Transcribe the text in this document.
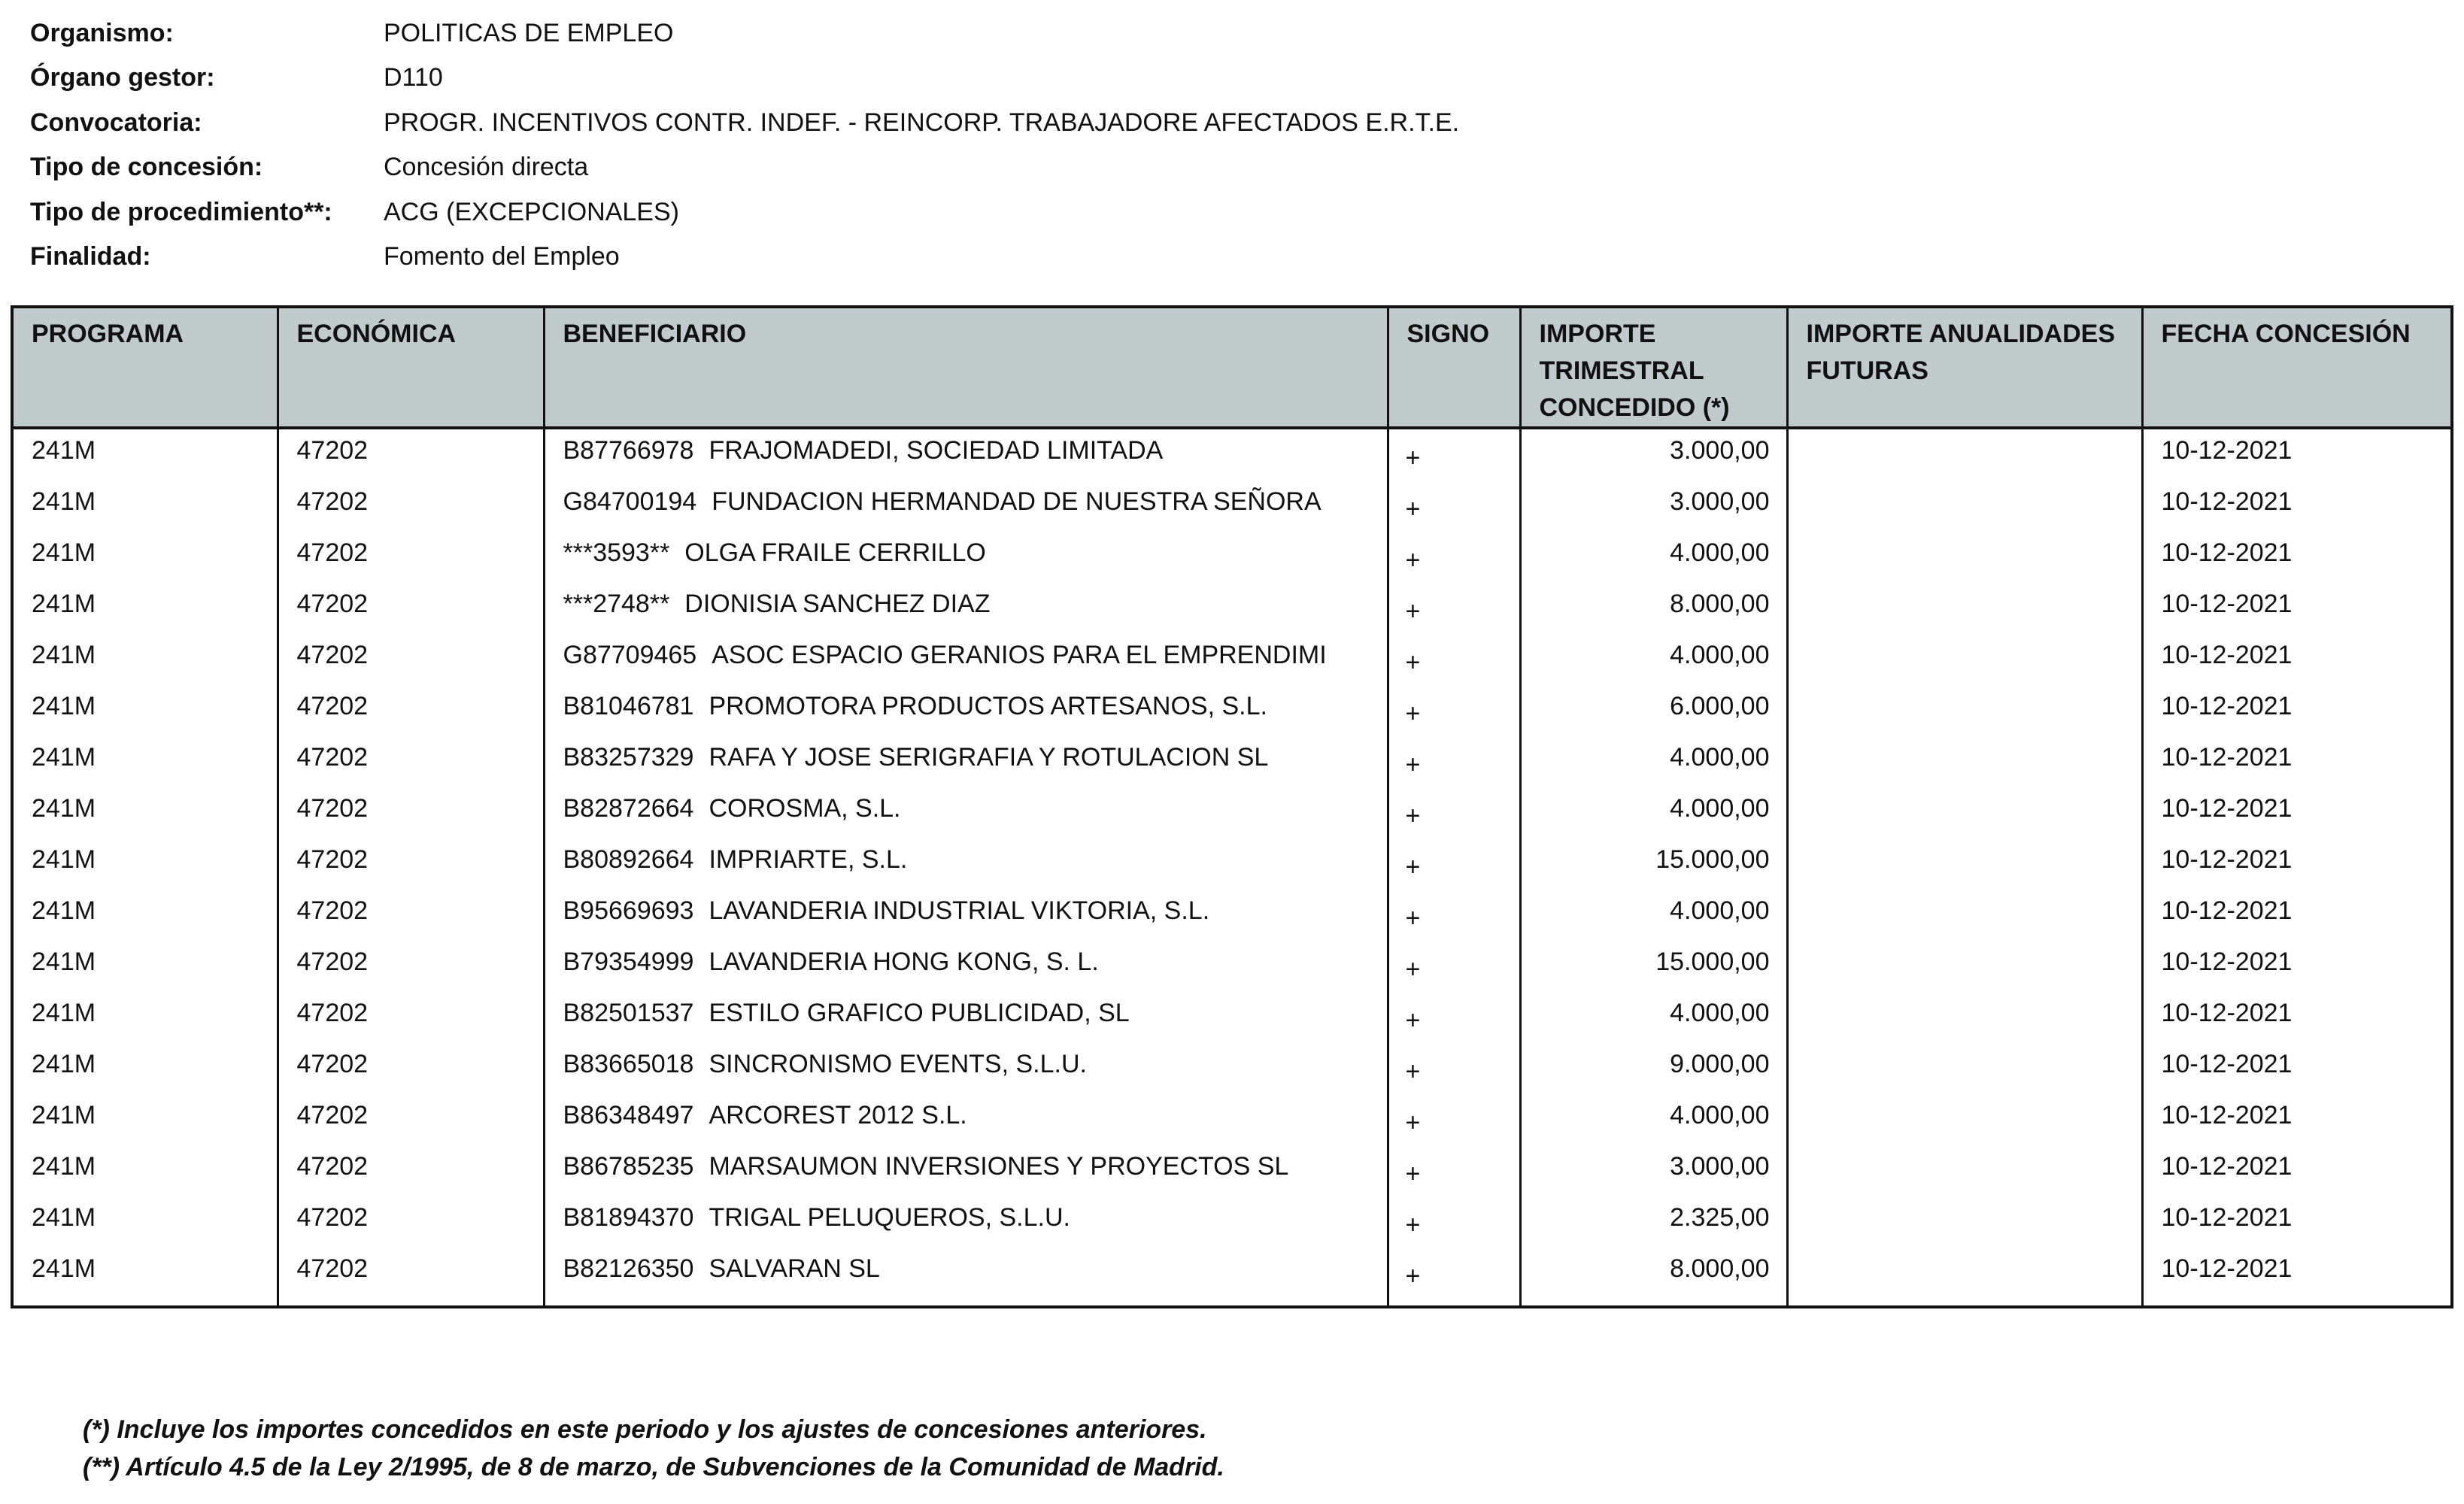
Organismo:	POLITICAS DE EMPLEO
Órgano gestor:	D110
Convocatoria:	PROGR. INCENTIVOS CONTR. INDEF. - REINCORP. TRABAJADORE AFECTADOS E.R.T.E.
Tipo de concesión:	Concesión directa
Tipo de procedimiento**:	ACG (EXCEPCIONALES)
Finalidad:	Fomento del Empleo
PROGRAMA	ECONÓMICA	BENEFICIARIO	SIGNO	IMPORTE TRIMESTRAL CONCEDIDO (*)	IMPORTE ANUALIDADES FUTURAS	FECHA CONCESIÓN
241M	47202	B87766978 FRAJOMADEDI, SOCIEDAD LIMITADA	+	3.000,00		10-12-2021
241M	47202	G84700194 FUNDACION HERMANDAD DE NUESTRA SEÑORA	+	3.000,00		10-12-2021
241M	47202	***3593** OLGA FRAILE CERRILLO	+	4.000,00		10-12-2021
241M	47202	***2748** DIONISIA SANCHEZ DIAZ	+	8.000,00		10-12-2021
241M	47202	G87709465 ASOC ESPACIO GERANIOS PARA EL EMPRENDIMI	+	4.000,00		10-12-2021
241M	47202	B81046781 PROMOTORA PRODUCTOS ARTESANOS, S.L.	+	6.000,00		10-12-2021
241M	47202	B83257329 RAFA Y JOSE SERIGRAFIA Y ROTULACION SL	+	4.000,00		10-12-2021
241M	47202	B82872664 COROSMA, S.L.	+	4.000,00		10-12-2021
241M	47202	B80892664 IMPRIARTE, S.L.	+	15.000,00		10-12-2021
241M	47202	B95669693 LAVANDERIA INDUSTRIAL VIKTORIA, S.L.	+	4.000,00		10-12-2021
241M	47202	B79354999 LAVANDERIA HONG KONG, S. L.	+	15.000,00		10-12-2021
241M	47202	B82501537 ESTILO GRAFICO PUBLICIDAD, SL	+	4.000,00		10-12-2021
241M	47202	B83665018 SINCRONISMO EVENTS, S.L.U.	+	9.000,00		10-12-2021
241M	47202	B86348497 ARCOREST 2012 S.L.	+	4.000,00		10-12-2021
241M	47202	B86785235 MARSAUMON INVERSIONES Y PROYECTOS SL	+	3.000,00		10-12-2021
241M	47202	B81894370 TRIGAL PELUQUEROS, S.L.U.	+	2.325,00		10-12-2021
241M	47202	B82126350 SALVARAN SL	+	8.000,00		10-12-2021

(*) Incluye los importes concedidos en este periodo y los ajustes de concesiones anteriores.
(**) Artículo 4.5 de la Ley 2/1995, de 8 de marzo, de Subvenciones de la Comunidad de Madrid.
